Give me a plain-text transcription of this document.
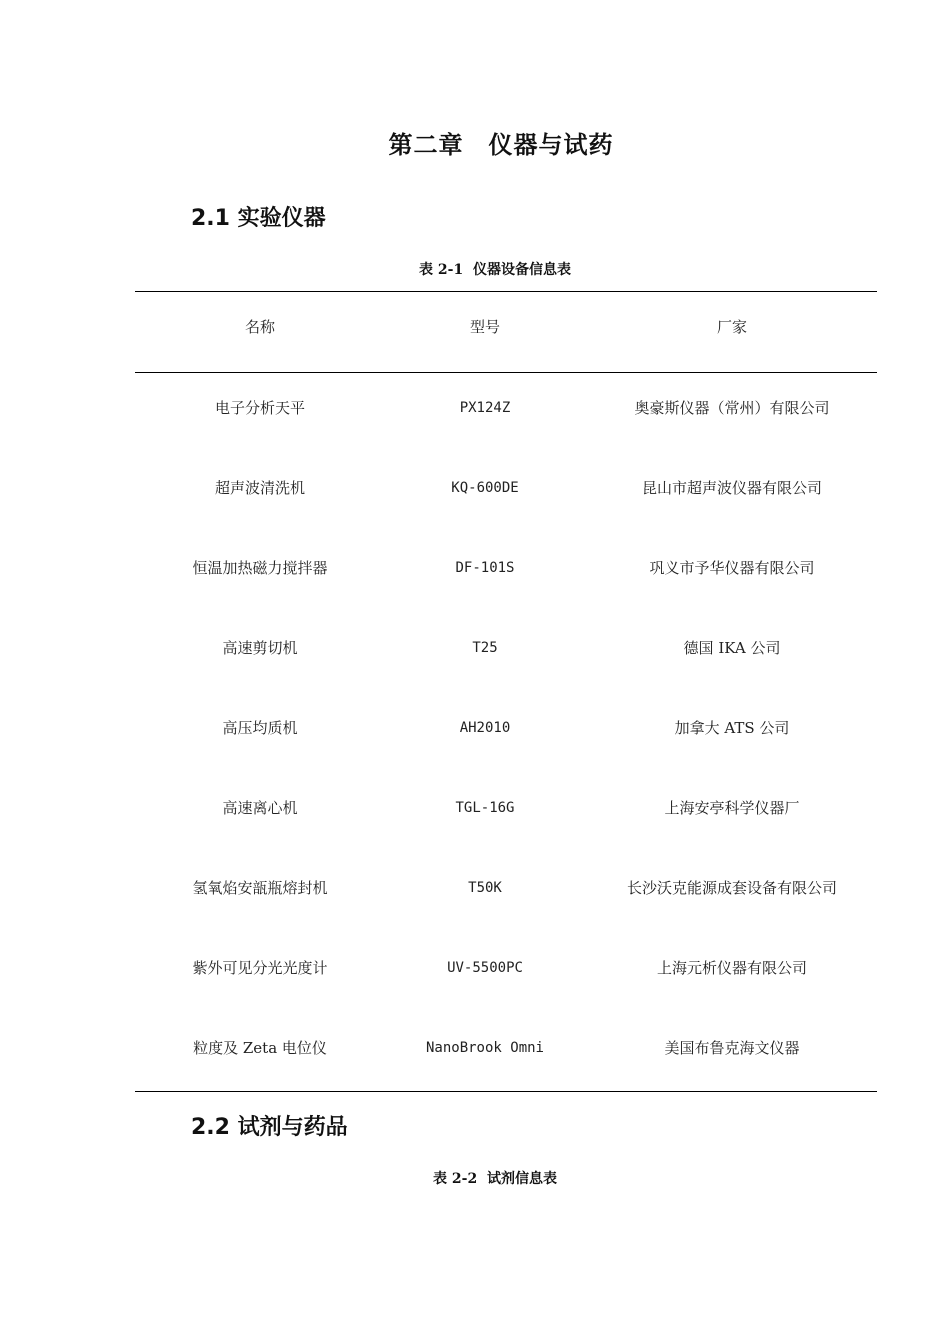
第二章　仪器与试药
2.1 实验仪器
表 2-1  仪器设备信息表
名称	型号	厂家
电子分析天平	PX124Z	奥豪斯仪器（常州）有限公司
超声波清洗机	KQ-600DE	昆山市超声波仪器有限公司
恒温加热磁力搅拌器	DF-101S	巩义市予华仪器有限公司
高速剪切机	T25	德国 IKA 公司
高压均质机	AH2010	加拿大 ATS 公司
高速离心机	TGL-16G	上海安亭科学仪器厂
氢氧焰安瓿瓶熔封机	T50K	长沙沃克能源成套设备有限公司
紫外可见分光光度计	UV-5500PC	上海元析仪器有限公司
粒度及 Zeta 电位仪	NanoBrook Omni	美国布鲁克海文仪器
2.2 试剂与药品
表 2-2  试剂信息表
